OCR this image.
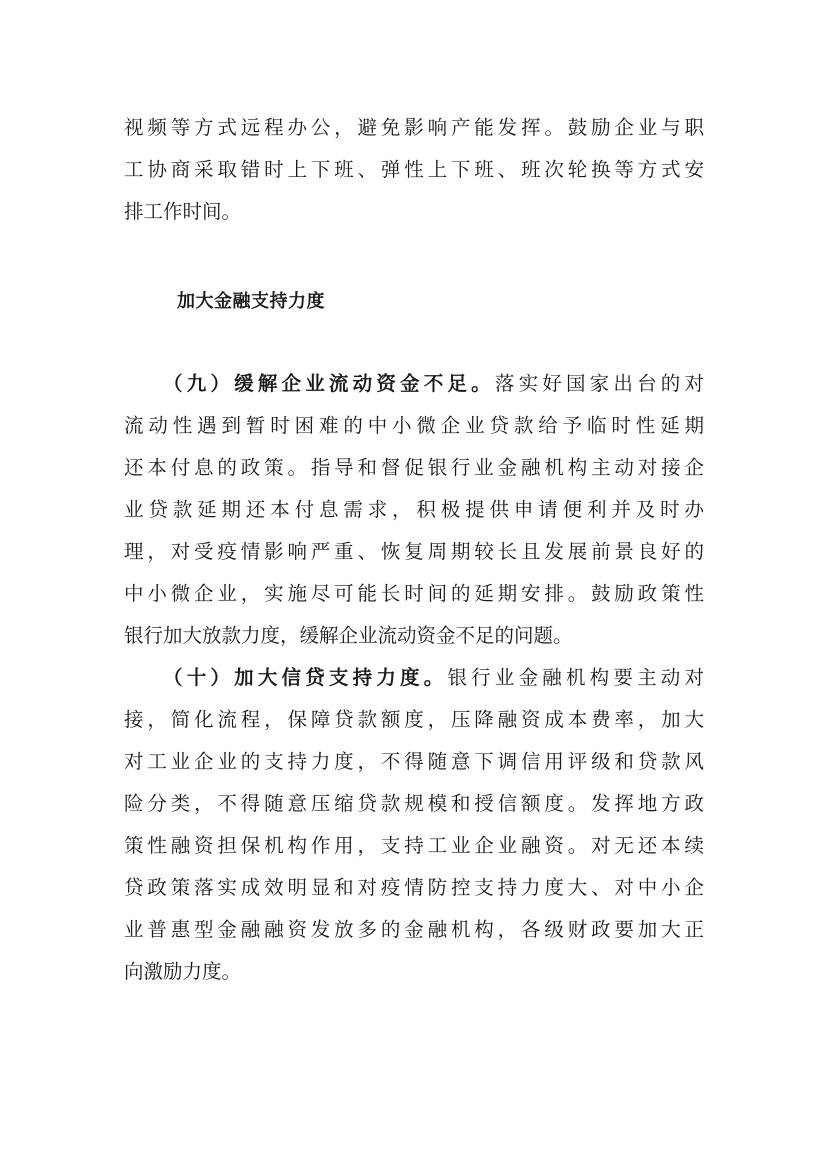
视频等方式远程办公，避免影响产能发挥。鼓励企业与职
工协商采取错时上下班、弹性上下班、班次轮换等方式安
排工作时间。
加大金融支持力度
（九）缓解企业流动资金不足。落实好国家出台的对
流动性遇到暂时困难的中小微企业贷款给予临时性延期
还本付息的政策。指导和督促银行业金融机构主动对接企
业贷款延期还本付息需求，积极提供申请便利并及时办
理，对受疫情影响严重、恢复周期较长且发展前景良好的
中小微企业，实施尽可能长时间的延期安排。鼓励政策性
银行加大放款力度，缓解企业流动资金不足的问题。
（十）加大信贷支持力度。银行业金融机构要主动对
接，简化流程，保障贷款额度，压降融资成本费率，加大
对工业企业的支持力度，不得随意下调信用评级和贷款风
险分类，不得随意压缩贷款规模和授信额度。发挥地方政
策性融资担保机构作用，支持工业企业融资。对无还本续
贷政策落实成效明显和对疫情防控支持力度大、对中小企
业普惠型金融融资发放多的金融机构，各级财政要加大正
向激励力度。
